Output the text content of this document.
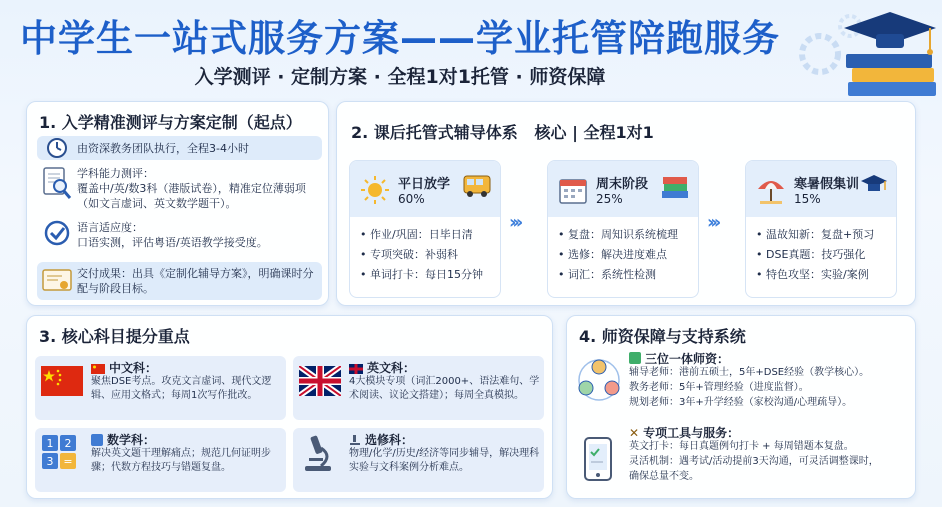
中学生一站式服务方案——学业托管陪跑服务
入学测评 · 定制方案 · 全程1对1托管 · 师资保障
1. 入学精准测评与方案定制（起点）
由资深教务团队执行，全程3-4小时
学科能力测评：
覆盖中/英/数3科（港版试卷），精准定位薄弱项（如文言虚词、英文数学题干）。
语言适应度：
口语实测，评估粤语/英语教学接受度。
交付成果：出具《定制化辅导方案》，明确课时分配与阶段目标。
2. 课后托管式辅导体系   核心 | 全程1对1
平日放学
60%
• 作业/巩固：日毕日清
• 专项突破：补弱科
• 单词打卡：每日15分钟
›››
周末阶段
25%
• 复盘：周知识系统梳理
• 选修：解决进度难点
• 词汇：系统性检测
›››
寒暑假集训
15%
• 温故知新：复盘+预习
• DSE真题：技巧强化
• 特色攻坚：实验/案例
3. 核心科目提分重点
中文科：
聚焦DSE考点。攻克文言虚词、现代文逻辑、应用文格式；每周1次写作批改。
英文科：
4大模块专项（词汇2000+、语法难句、学术阅读、议论文搭建）；每周全真模拟。
1 2
3 =
数学科：
解决英文题干理解痛点；规范几何证明步骤；代数方程技巧与错题复盘。
选修科：
物理/化学/历史/经济等同步辅导，解决理科实验与文科案例分析难点。
4. 师资保障与支持系统
三位一体师资：
辅导老师：港前五硕士，5年+DSE经验（教学核心）。
教务老师：5年+管理经验（进度监督）。
规划老师：3年+升学经验（家校沟通/心理疏导）。
✕ 专项工具与服务：
英文打卡：每日真题例句打卡 + 每周错题本复盘。
灵活机制：遇考试/活动提前3天沟通，可灵活调整课时，
确保总量不变。
